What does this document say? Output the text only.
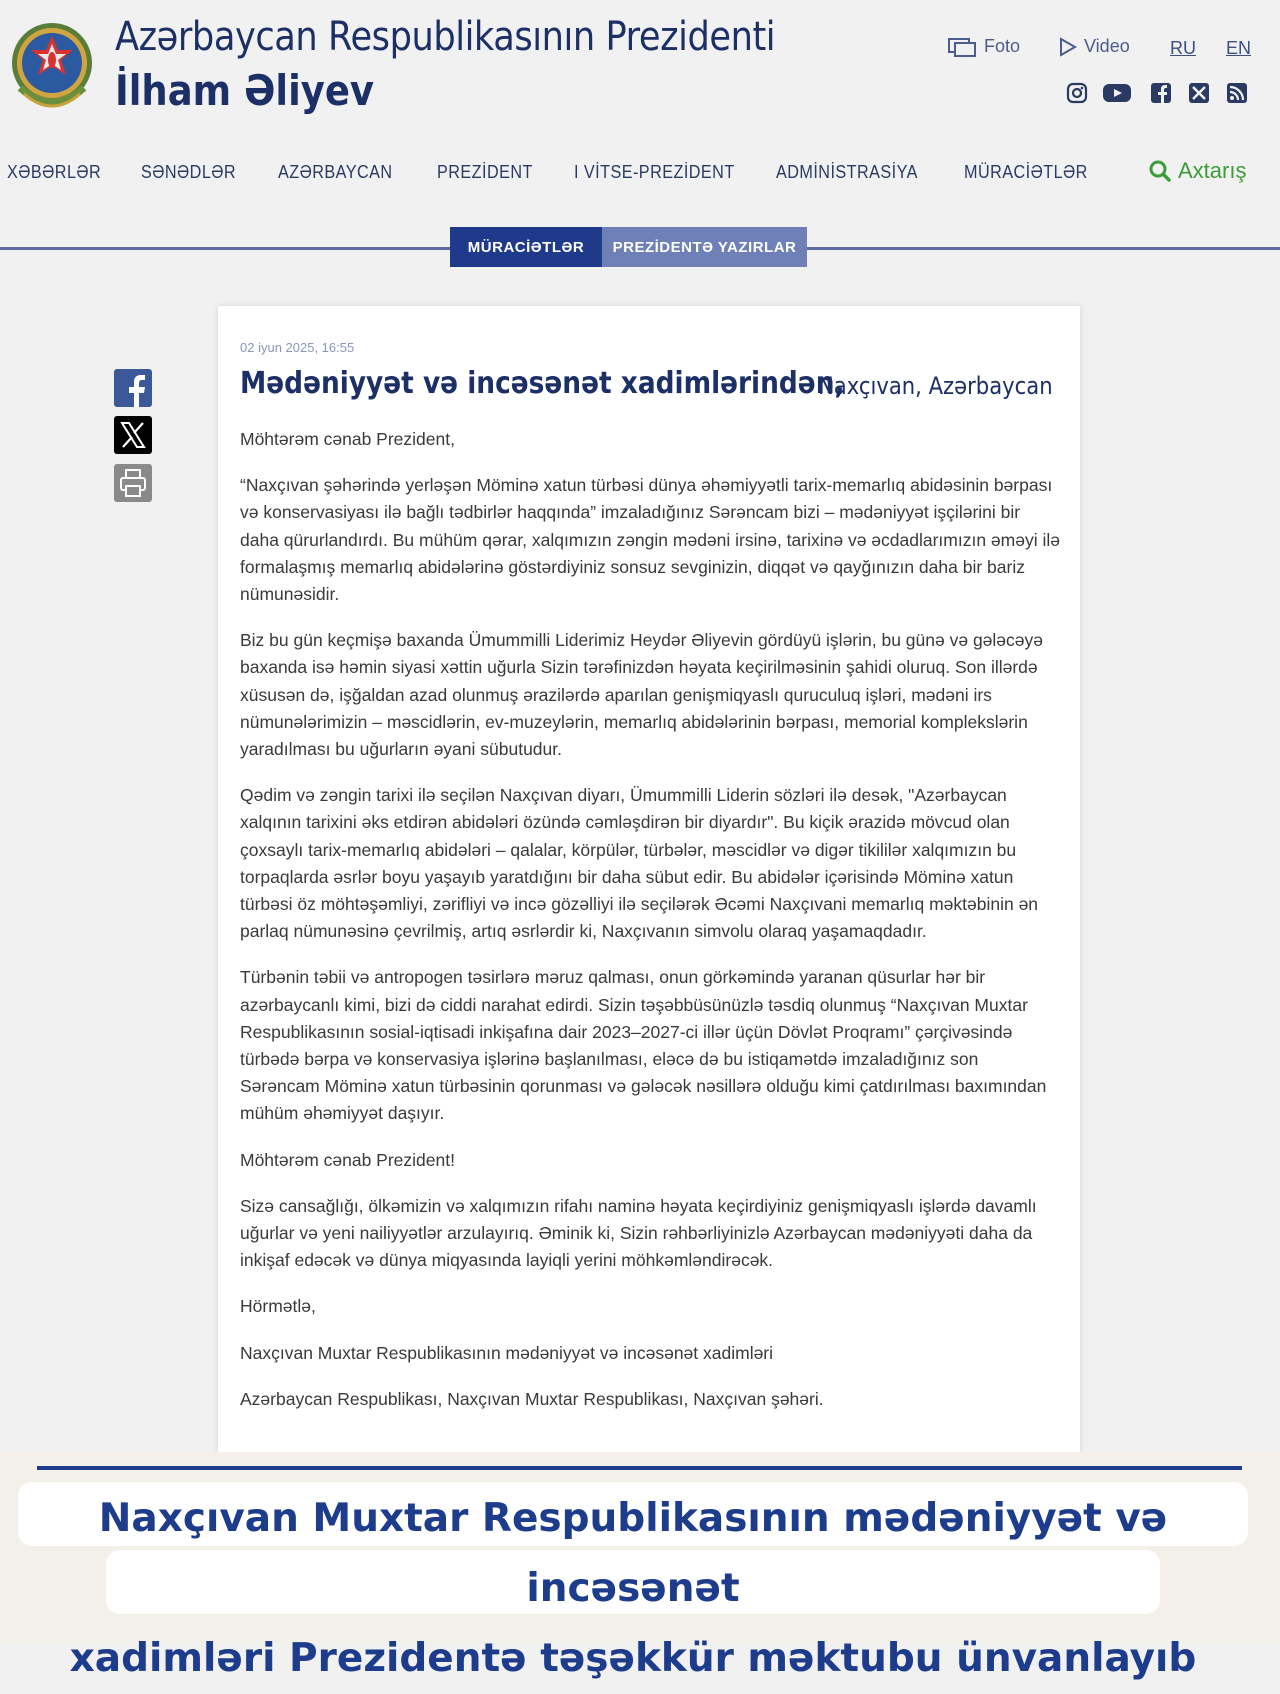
Azərbaycan Respublikasının Prezidenti
İlham Əliyev
Foto	Video RU EN
XƏBƏRLƏR SƏNƏDLƏR AZƏRBAYCAN PREZİDENT I VİTSE-PREZİDENT ADMİNİSTRASİYA	MÜRACİƏTLƏR	Axtarış
MÜRACİƏTLƏR	PREZİDENTƏ YAZIRLAR
02 iyun 2025, 16:55
Mədəniyyət və incəsənət xadimlərindən,
Naxçıvan, Azərbaycan

Möhtərəm cənab Prezident,

“Naxçıvan şəhərində yerləşən Möminə xatun türbəsi dünya əhəmiyyətli tarix-memarlıq abidəsinin bərpası və konservasiyası ilə bağlı tədbirlər haqqında” imzaladığınız Sərəncam bizi – mədəniyyət işçilərini bir daha qürurlandırdı. Bu mühüm qərar, xalqımızın zəngin mədəni irsinə, tarixinə və əcdadlarımızın əməyi ilə formalaşmış memarlıq abidələrinə göstərdiyiniz sonsuz sevginizin, diqqət və qayğınızın daha bir bariz nümunəsidir.

Biz bu gün keçmişə baxanda Ümummilli Liderimiz Heydər Əliyevin gördüyü işlərin, bu günə və gələcəyə baxanda isə həmin siyasi xəttin uğurla Sizin tərəfinizdən həyata keçirilməsinin şahidi oluruq. Son illərdə xüsusən də, işğaldan azad olunmuş ərazilərdə aparılan genişmiqyaslı quruculuq işləri, mədəni irs nümunələrimizin – məscidlərin, ev-muzeylərin, memarlıq abidələrinin bərpası, memorial komplekslərin yaradılması bu uğurların əyani sübutudur.

Qədim və zəngin tarixi ilə seçilən Naxçıvan diyarı, Ümummilli Liderin sözləri ilə desək, "Azərbaycan xalqının tarixini əks etdirən abidələri özündə cəmləşdirən bir diyardır". Bu kiçik ərazidə mövcud olan çoxsaylı tarix-memarlıq abidələri – qalalar, körpülər, türbələr, məscidlər və digər tikililər xalqımızın bu torpaqlarda əsrlər boyu yaşayıb yaratdığını bir daha sübut edir. Bu abidələr içərisində Möminə xatun türbəsi öz möhtəşəmliyi, zərifliyi və incə gözəlliyi ilə seçilərək Əcəmi Naxçıvani memarlıq məktəbinin ən parlaq nümunəsinə çevrilmiş, artıq əsrlərdir ki, Naxçıvanın simvolu olaraq yaşamaqdadır.

Türbənin təbii və antropogen təsirlərə məruz qalması, onun görkəmində yaranan qüsurlar hər bir azərbaycanlı kimi, bizi də ciddi narahat edirdi. Sizin təşəbbüsünüzlə təsdiq olunmuş “Naxçıvan Muxtar Respublikasının sosial-iqtisadi inkişafına dair 2023–2027-ci illər üçün Dövlət Proqramı” çərçivəsində türbədə bərpa və konservasiya işlərinə başlanılması, eləcə də bu istiqamətdə imzaladığınız son Sərəncam Möminə xatun türbəsinin qorunması və gələcək nəsillərə olduğu kimi çatdırılması baxımından mühüm əhəmiyyət daşıyır.

Möhtərəm cənab Prezident!

Sizə cansağlığı, ölkəmizin və xalqımızın rifahı naminə həyata keçirdiyiniz genişmiqyaslı işlərdə davamlı uğurlar və yeni nailiyyətlər arzulayırıq. Əminik ki, Sizin rəhbərliyinizlə Azərbaycan mədəniyyəti daha da inkişaf edəcək və dünya miqyasında layiqli yerini möhkəmləndirəcək.

Hörmətlə,

Naxçıvan Muxtar Respublikasının mədəniyyət və incəsənət xadimləri

Azərbaycan Respublikası, Naxçıvan Muxtar Respublikası, Naxçıvan şəhəri.

Naxçıvan Muxtar Respublikasının mədəniyyət və incəsənət
xadimləri Prezidentə təşəkkür məktubu ünvanlayıb
